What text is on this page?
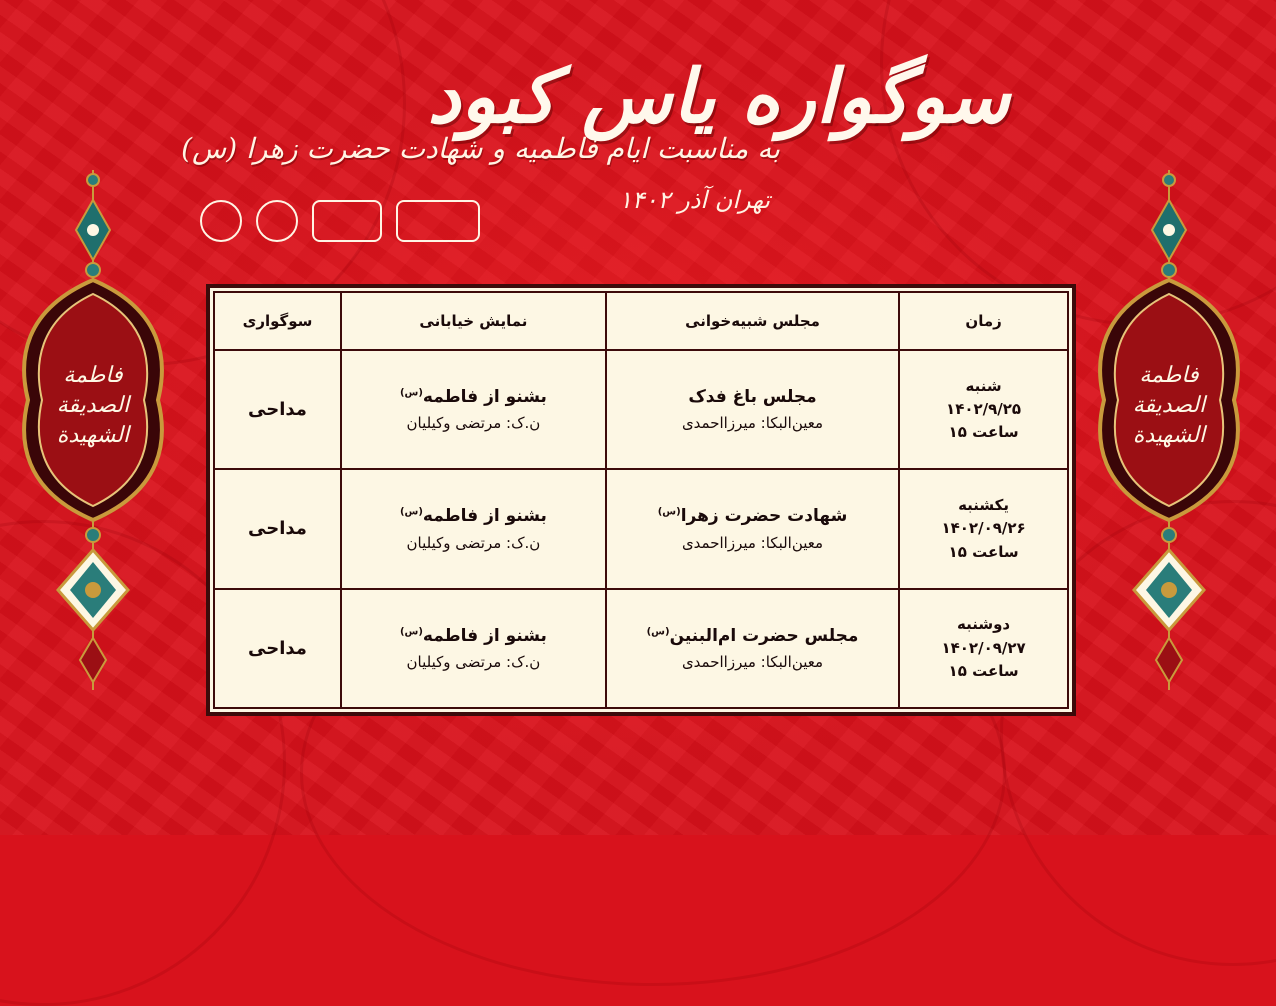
فاطمة
الصدیقة
الشهیدة
فاطمة
الصدیقة
الشهیدة
سوگواره یاس کبود
به مناسبت ایام فاطمیه و شهادت حضرت زهرا (س)
تهران آذر ۱۴۰۲
زمان	مجلس شبیه‌خوانی	نمایش خیابانی	سوگواری

شنبه
۱۴۰۲/۹/۲۵
ساعت ۱۵	مجلس باغ فدک
معین‌البکا: میرزااحمدی	بشنو از فاطمه$^{(س)}$
ن.ک: مرتضی وکیلیان	مداحی

یکشنبه
۱۴۰۲/۰۹/۲۶
ساعت ۱۵	شهادت حضرت زهرا$^{(س)}$
معین‌البکا: میرزااحمدی	بشنو از فاطمه$^{(س)}$
ن.ک: مرتضی وکیلیان	مداحی

دوشنبه
۱۴۰۲/۰۹/۲۷
ساعت ۱۵	مجلس حضرت ام‌البنین$^{(س)}$
معین‌البکا: میرزااحمدی	بشنو از فاطمه$^{(س)}$
ن.ک: مرتضی وکیلیان	مداحی
